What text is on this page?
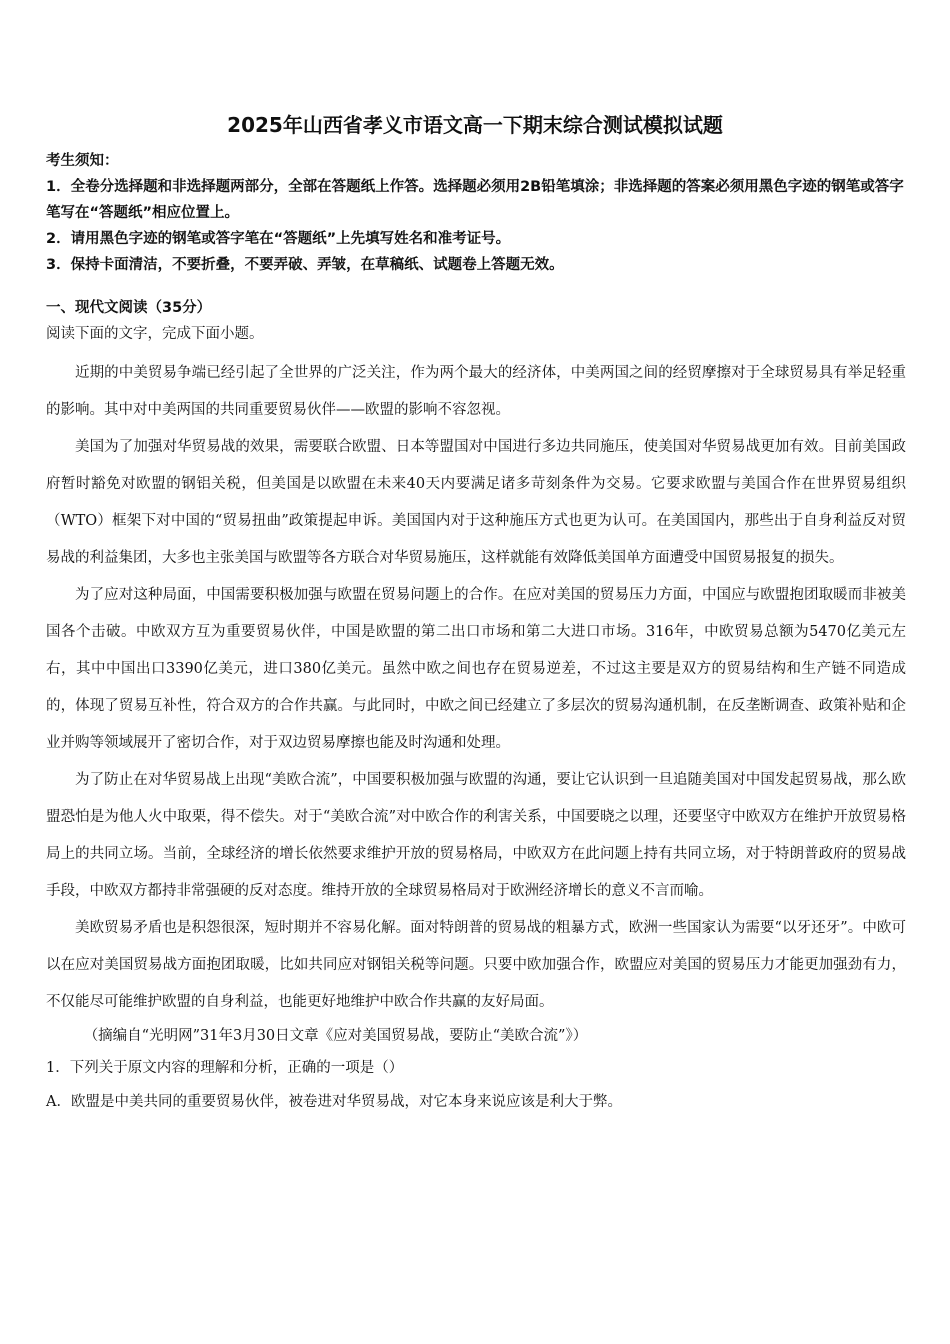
2025年山西省孝义市语文高一下期末综合测试模拟试题

考生须知：

1．全卷分选择题和非选择题两部分，全部在答题纸上作答。选择题必须用2B铅笔填涂；非选择题的答案必须用黑色字迹的钢笔或答字笔写在“答题纸”相应位置上。

2．请用黑色字迹的钢笔或答字笔在“答题纸”上先填写姓名和准考证号。

3．保持卡面清洁，不要折叠，不要弄破、弄皱，在草稿纸、试题卷上答题无效。

一、现代文阅读（35分）

阅读下面的文字，完成下面小题。

近期的中美贸易争端已经引起了全世界的广泛关注，作为两个最大的经济体，中美两国之间的经贸摩擦对于全球贸易具有举足轻重的影响。其中对中美两国的共同重要贸易伙伴——欧盟的影响不容忽视。

美国为了加强对华贸易战的效果，需要联合欧盟、日本等盟国对中国进行多边共同施压，使美国对华贸易战更加有效。目前美国政府暂时豁免对欧盟的钢铝关税，但美国是以欧盟在未来40天内要满足诸多苛刻条件为交易。它要求欧盟与美国合作在世界贸易组织（WTO）框架下对中国的“贸易扭曲”政策提起申诉。美国国内对于这种施压方式也更为认可。在美国国内，那些出于自身利益反对贸易战的利益集团，大多也主张美国与欧盟等各方联合对华贸易施压，这样就能有效降低美国单方面遭受中国贸易报复的损失。

为了应对这种局面，中国需要积极加强与欧盟在贸易问题上的合作。在应对美国的贸易压力方面，中国应与欧盟抱团取暖而非被美国各个击破。中欧双方互为重要贸易伙伴，中国是欧盟的第二出口市场和第二大进口市场。316年，中欧贸易总额为5470亿美元左右，其中中国出口3390亿美元，进口380亿美元。虽然中欧之间也存在贸易逆差，不过这主要是双方的贸易结构和生产链不同造成的，体现了贸易互补性，符合双方的合作共赢。与此同时，中欧之间已经建立了多层次的贸易沟通机制，在反垄断调查、政策补贴和企业并购等领域展开了密切合作，对于双边贸易摩擦也能及时沟通和处理。

为了防止在对华贸易战上出现“美欧合流”，中国要积极加强与欧盟的沟通，要让它认识到一旦追随美国对中国发起贸易战，那么欧盟恐怕是为他人火中取栗，得不偿失。对于“美欧合流”对中欧合作的利害关系，中国要晓之以理，还要坚守中欧双方在维护开放贸易格局上的共同立场。当前，全球经济的增长依然要求维护开放的贸易格局，中欧双方在此问题上持有共同立场，对于特朗普政府的贸易战手段，中欧双方都持非常强硬的反对态度。维持开放的全球贸易格局对于欧洲经济增长的意义不言而喻。

美欧贸易矛盾也是积怨很深，短时期并不容易化解。面对特朗普的贸易战的粗暴方式，欧洲一些国家认为需要“以牙还牙”。中欧可以在应对美国贸易战方面抱团取暖，比如共同应对钢铝关税等问题。只要中欧加强合作，欧盟应对美国的贸易压力才能更加强劲有力，不仅能尽可能维护欧盟的自身利益，也能更好地维护中欧合作共赢的友好局面。

（摘编自“光明网”31年3月30日文章《应对美国贸易战，要防止“美欧合流”》）

1．下列关于原文内容的理解和分析，正确的一项是（）

A．欧盟是中美共同的重要贸易伙伴，被卷进对华贸易战，对它本身来说应该是利大于弊。
